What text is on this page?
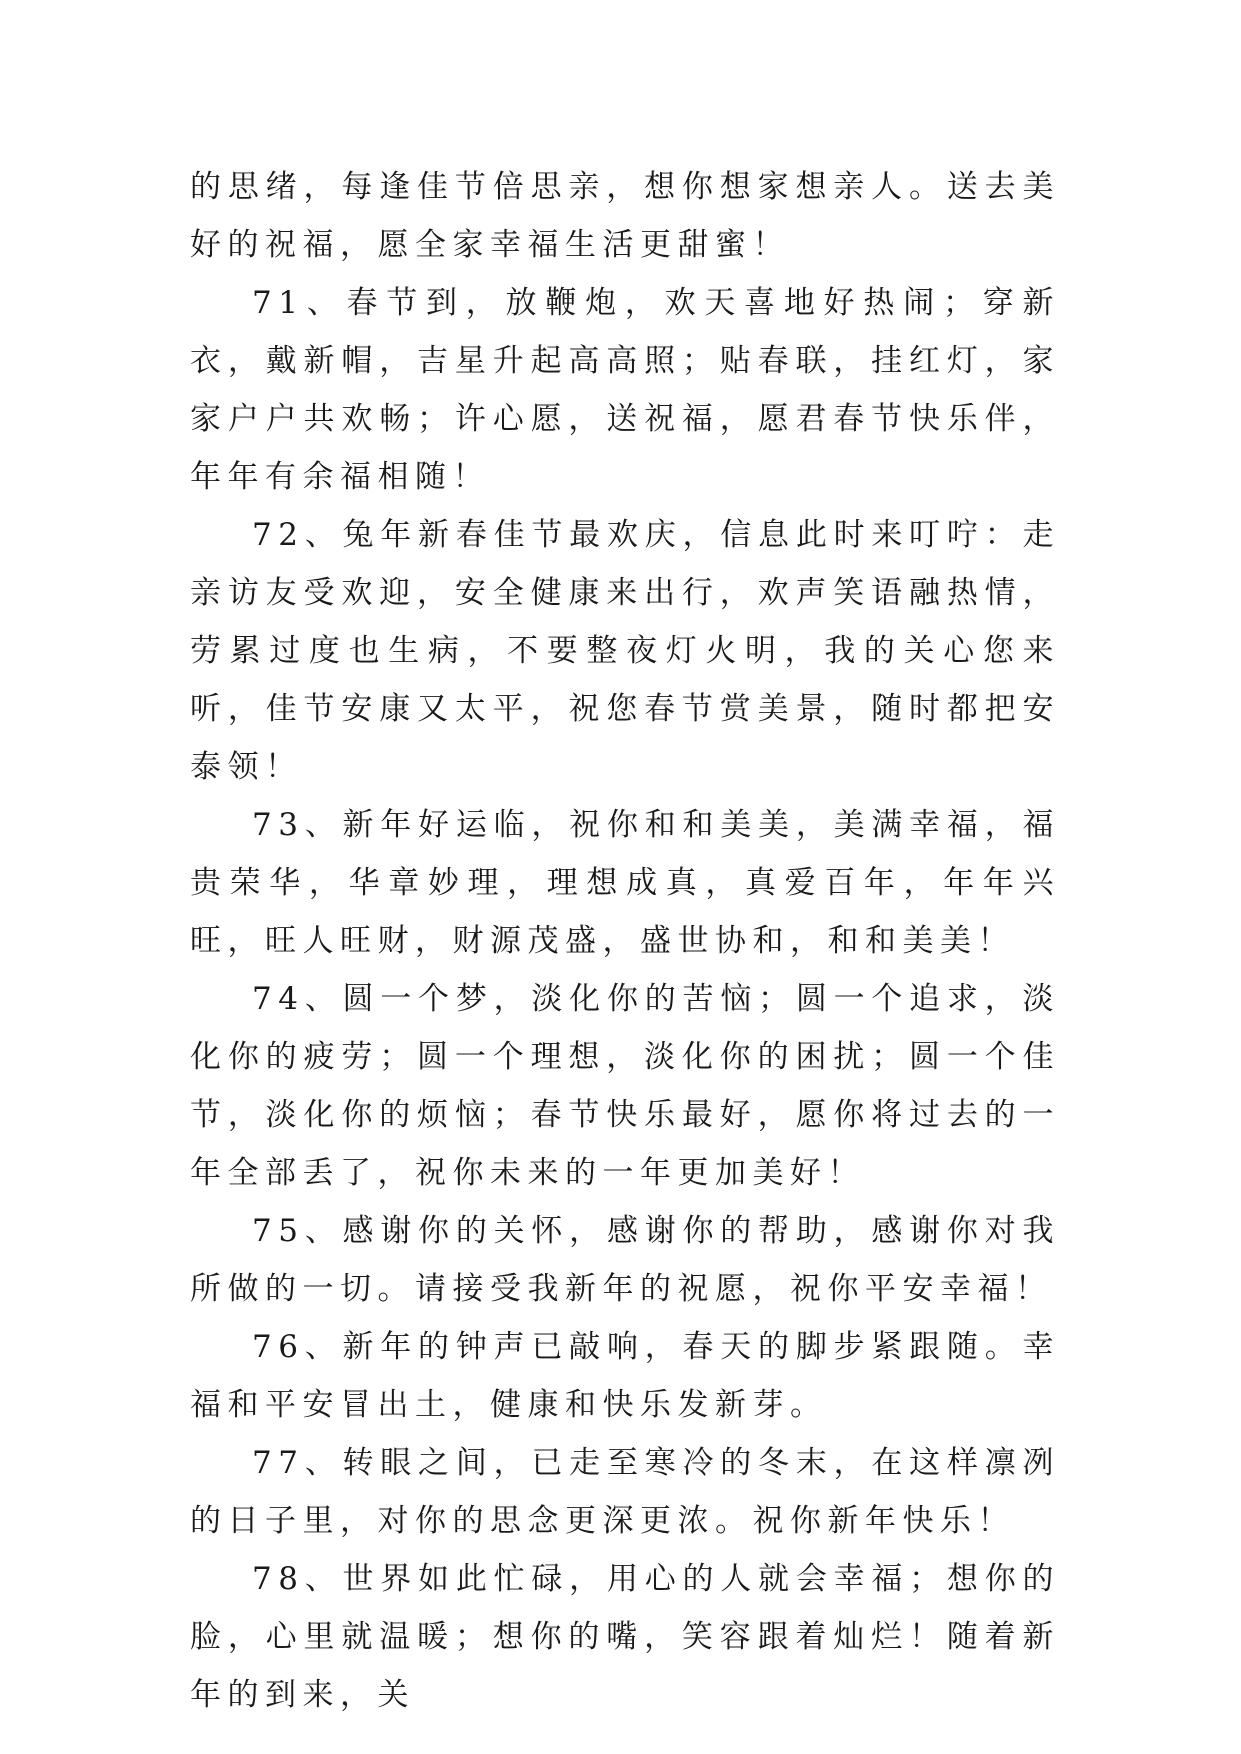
的思绪，每逢佳节倍思亲，想你想家想亲人。送去美好的祝福，愿全家幸福生活更甜蜜！

71、春节到，放鞭炮，欢天喜地好热闹；穿新衣，戴新帽，吉星升起高高照；贴春联，挂红灯，家家户户共欢畅；许心愿，送祝福，愿君春节快乐伴，年年有余福相随！

72、兔年新春佳节最欢庆，信息此时来叮咛：走亲访友受欢迎，安全健康来出行，欢声笑语融热情，劳累过度也生病，不要整夜灯火明，我的关心您来听，佳节安康又太平，祝您春节赏美景，随时都把安泰领！

73、新年好运临，祝你和和美美，美满幸福，福贵荣华，华章妙理，理想成真，真爱百年，年年兴旺，旺人旺财，财源茂盛，盛世协和，和和美美！

74、圆一个梦，淡化你的苦恼；圆一个追求，淡化你的疲劳；圆一个理想，淡化你的困扰；圆一个佳节，淡化你的烦恼；春节快乐最好，愿你将过去的一年全部丢了，祝你未来的一年更加美好！

75、感谢你的关怀，感谢你的帮助，感谢你对我所做的一切。请接受我新年的祝愿，祝你平安幸福！

76、新年的钟声已敲响，春天的脚步紧跟随。幸福和平安冒出土，健康和快乐发新芽。

77、转眼之间，已走至寒冷的冬末，在这样凛冽的日子里，对你的思念更深更浓。祝你新年快乐！

78、世界如此忙碌，用心的人就会幸福；想你的脸，心里就温暖；想你的嘴，笑容跟着灿烂！随着新年的到来，关
